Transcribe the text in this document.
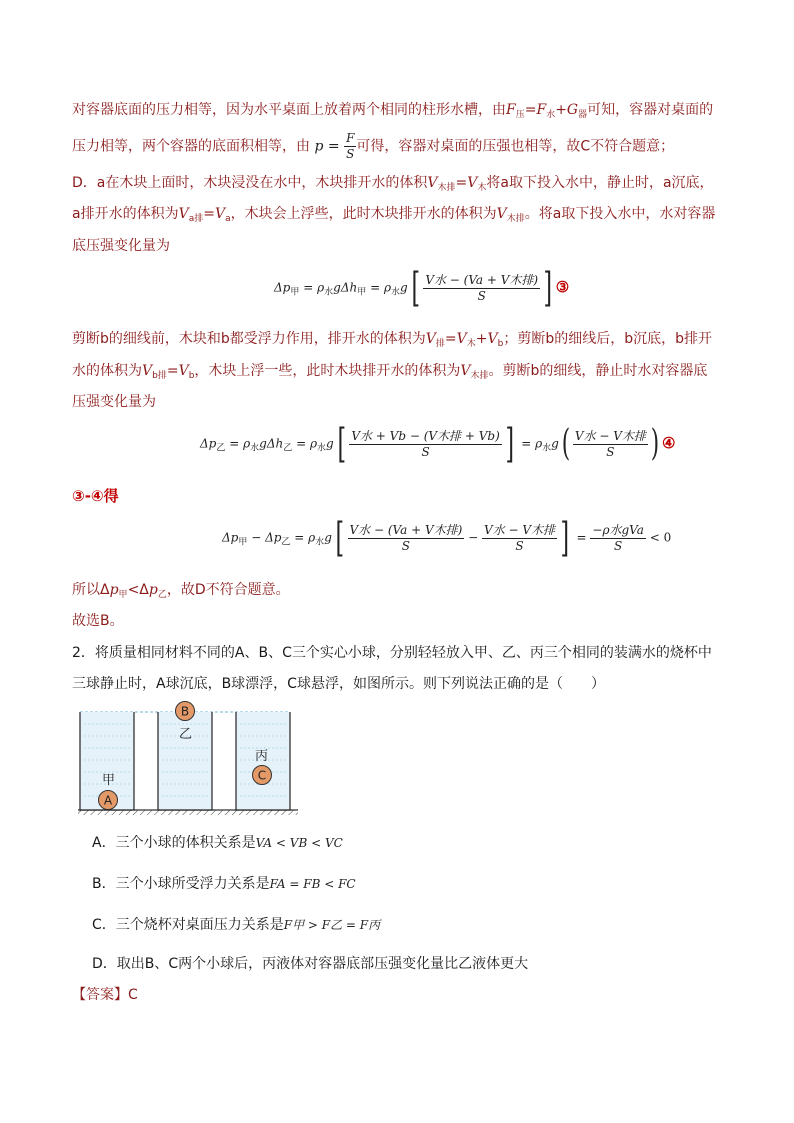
对容器底面的压力相等，因为水平桌面上放着两个相同的柱形水槽，由$F_压=F_水+G_器$可知，容器对桌面的
压力相等，两个容器的底面积相等，由 $p = \frac{F}{S}$ 可得，容器对桌面的压强也相等，故C不符合题意；
D．a在木块上面时，木块浸没在水中，木块排开水的体积$V_{木排}=V_木$将a取下投入水中，静止时，a沉底，
a排开水的体积为$V_{a排}=V_a$，木块会上浮些，此时木块排开水的体积为$V_{木排}$。将a取下投入水中，水对容器
底压强变化量为
$\Delta p_甲 = \rho_水g\Delta h_甲 = \rho_水g[ \frac{\text{V水 − (Va + V木排)}}{S}$ ] ③
剪断b的细线前，木块和b都受浮力作用，排开水的体积为$V_排=V_木+V_b$；剪断b的细线后，b沉底，b排开
水的体积为$V_{b排}=V_b$，木块上浮一些，此时木块排开水的体积为$V_{木排}$。剪断b的细线，静止时水对容器底
压强变化量为
$\Delta p_乙 = \rho_水g\Delta h_乙 = \rho_水g[ \frac{\text{V水 + Vb − (V木排 + Vb)}}{S}$ ] = $\rho_水g( \frac{\text{V水 − V木排}}{S}$ ) ④
③-④得
$\Delta p_甲 - \Delta p_乙 = \rho_水g[ \frac{\text{V水 − (Va + V木排)}}{S} - \frac{\text{V水 − V木排}}{S}$ ] = $\frac{\text{−ρ水gVa}}{S} < 0$
所以$\Delta p_甲<\Delta p_乙$，故D不符合题意。
故选B。
2．将质量相同材料不同的A、B、C三个实心小球，分别轻轻放入甲、乙、丙三个相同的装满水的烧杯中
三球静止时，A球沉底，B球漂浮，C球悬浮，如图所示。则下列说法正确的是（　　）
甲
乙
丙
A
B
C
A．三个小球的体积关系是VA < VB < VC
B．三个小球所受浮力关系是FA = FB < FC
C．三个烧杯对桌面压力关系是F甲 > F乙 = F丙
D．取出B、C两个小球后，丙液体对容器底部压强变化量比乙液体更大
【答案】C
